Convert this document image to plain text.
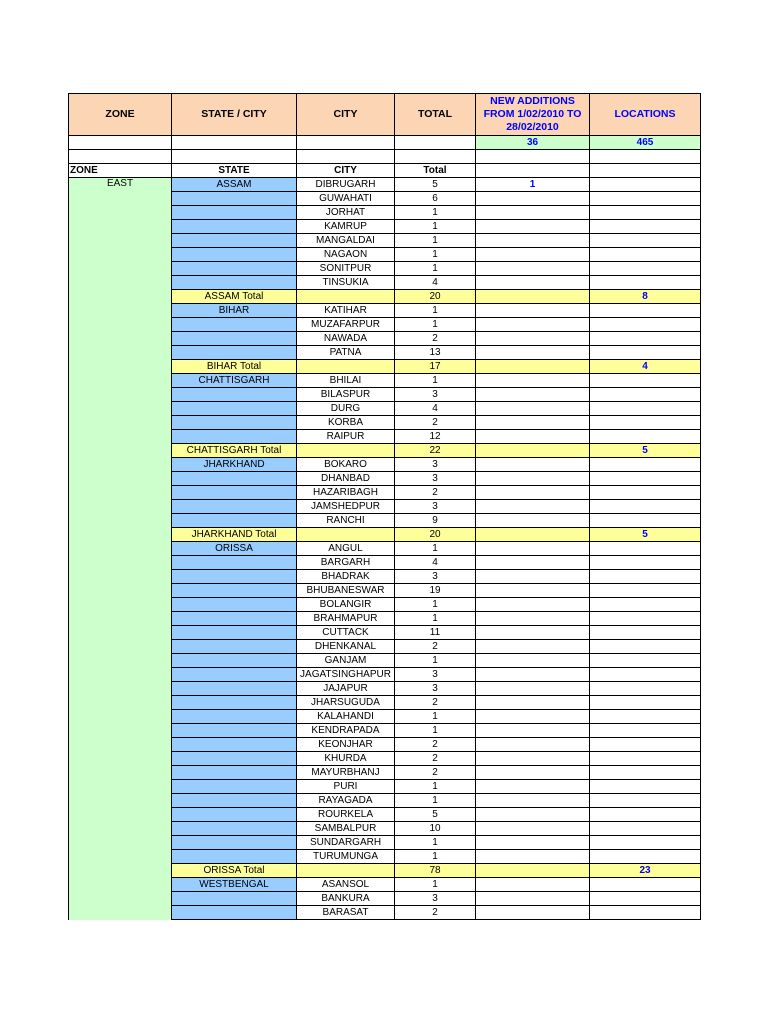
ZONE	STATE / CITY	CITY	TOTAL	NEW ADDITIONS FROM 1/02/2010 TO 28/02/2010	LOCATIONS
				36	465

ZONE	STATE	CITY	Total		
EAST	ASSAM	DIBRUGARH	5	1	
		GUWAHATI	6		
		JORHAT	1		
		KAMRUP	1		
		MANGALDAI	1		
		NAGAON	1		
		SONITPUR	1		
		TINSUKIA	4		
	ASSAM Total		20		8
	BIHAR	KATIHAR	1		
		MUZAFARPUR	1		
		NAWADA	2		
		PATNA	13		
	BIHAR Total		17		4
	CHATTISGARH	BHILAI	1		
		BILASPUR	3		
		DURG	4		
		KORBA	2		
		RAIPUR	12		
	CHATTISGARH Total		22		5
	JHARKHAND	BOKARO	3		
		DHANBAD	3		
		HAZARIBAGH	2		
		JAMSHEDPUR	3		
		RANCHI	9		
	JHARKHAND Total		20		5
	ORISSA	ANGUL	1		
		BARGARH	4		
		BHADRAK	3		
		BHUBANESWAR	19		
		BOLANGIR	1		
		BRAHMAPUR	1		
		CUTTACK	11		
		DHENKANAL	2		
		GANJAM	1		
		JAGATSINGHAPUR	3		
		JAJAPUR	3		
		JHARSUGUDA	2		
		KALAHANDI	1		
		KENDRAPADA	1		
		KEONJHAR	2		
		KHURDA	2		
		MAYURBHANJ	2		
		PURI	1		
		RAYAGADA	1		
		ROURKELA	5		
		SAMBALPUR	10		
		SUNDARGARH	1		
		TURUMUNGA	1		
	ORISSA Total		78		23
	WESTBENGAL	ASANSOL	1		
		BANKURA	3		
		BARASAT	2		
